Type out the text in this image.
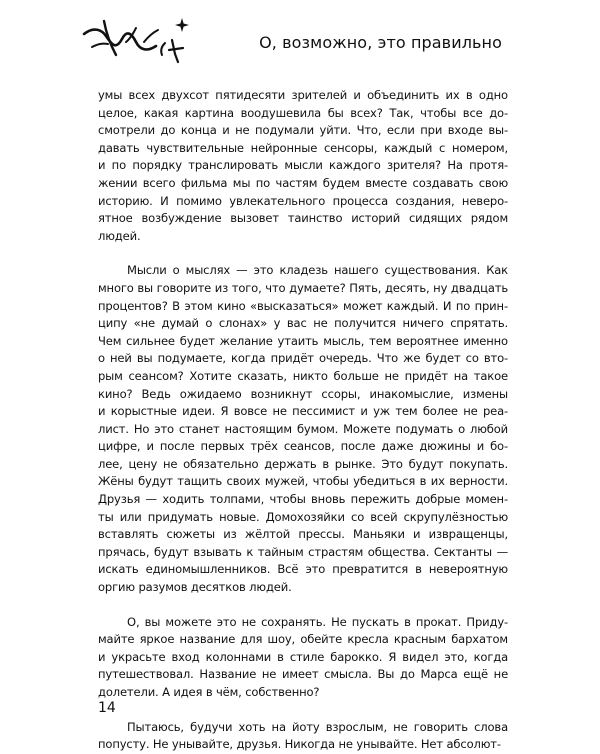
О, возможно, это правильно

умы всех двухсот пятидесяти зрителей и объединить их в одно
целое, какая картина воодушевила бы всех? Так, чтобы все до-
смотрели до конца и не подумали уйти. Что, если при входе вы-
давать чувствительные нейронные сенсоры, каждый с номером,
и по порядку транслировать мысли каждого зрителя? На протя-
жении всего фильма мы по частям будем вместе создавать свою
историю. И помимо увлекательного процесса создания, неверо-
ятное возбуждение вызовет таинство историй сидящих рядом
людей.

Мысли о мыслях — это кладезь нашего существования. Как
много вы говорите из того, что думаете? Пять, десять, ну двадцать
процентов? В этом кино «высказаться» может каждый. И по прин-
ципу «не думай о слонах» у вас не получится ничего спрятать.
Чем сильнее будет желание утаить мысль, тем вероятнее именно
о ней вы подумаете, когда придёт очередь. Что же будет со вто-
рым сеансом? Хотите сказать, никто больше не придёт на такое
кино? Ведь ожидаемо возникнут ссоры, инакомыслие, измены
и корыстные идеи. Я вовсе не пессимист и уж тем более не реа-
лист. Но это станет настоящим бумом. Можете подумать о любой
цифре, и после первых трёх сеансов, после даже дюжины и бо-
лее, цену не обязательно держать в рынке. Это будут покупать.
Жёны будут тащить своих мужей, чтобы убедиться в их верности.
Друзья — ходить толпами, чтобы вновь пережить добрые момен-
ты или придумать новые. Домохозяйки со всей скрупулёзностью
вставлять сюжеты из жёлтой прессы. Маньяки и извращенцы,
прячась, будут взывать к тайным страстям общества. Сектанты —
искать единомышленников. Всё это превратится в невероятную
оргию разумов десятков людей.

О, вы можете это не сохранять. Не пускать в прокат. Приду-
майте яркое название для шоу, обейте кресла красным бархатом
и украсьте вход колоннами в стиле барокко. Я видел это, когда
путешествовал. Название не имеет смысла. Вы до Марса ещё не
долетели. А идея в чём, собственно?

Пытаюсь, будучи хоть на йоту взрослым, не говорить слова
попусту. Не унывайте, друзья. Никогда не унывайте. Нет абсолют-

14
